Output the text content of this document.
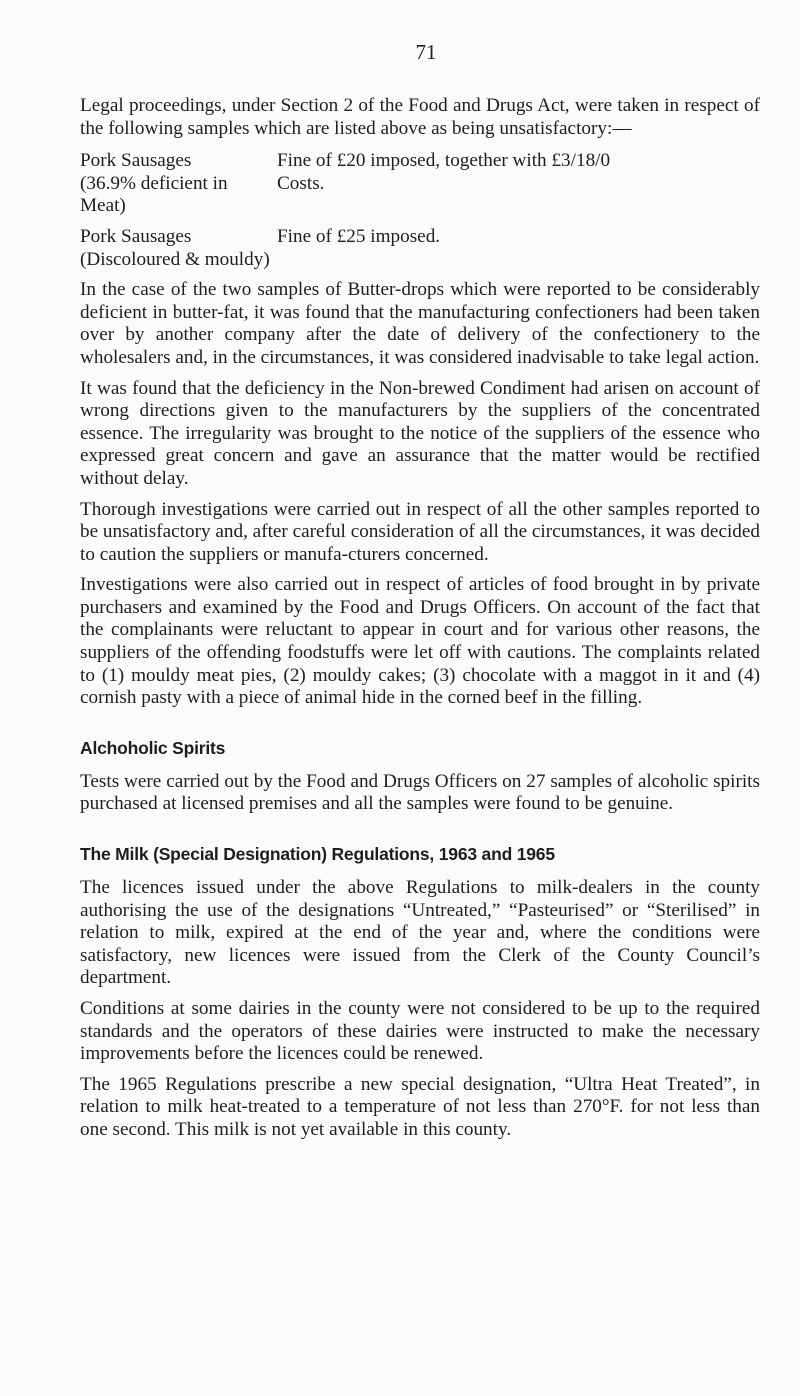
71

Legal proceedings, under Section 2 of the Food and Drugs Act, were taken in respect of the following samples which are listed above as being unsatisfactory:—

Pork Sausages
(36.9% deficient in Meat)
Fine of £20 imposed, together with £3/18/0
Costs.
Pork Sausages
(Discoloured & mouldy)
Fine of £25 imposed.

In the case of the two samples of Butter-drops which were reported to be considerably deficient in butter-fat, it was found that the manufacturing confectioners had been taken over by another company after the date of delivery of the confectionery to the wholesalers and, in the circumstances, it was considered inadvisable to take legal action.

It was found that the deficiency in the Non-brewed Condiment had arisen on account of wrong directions given to the manufacturers by the suppliers of the concentrated essence. The irregularity was brought to the notice of the suppliers of the essence who expressed great concern and gave an assurance that the matter would be rectified without delay.

Thorough investigations were carried out in respect of all the other samples reported to be unsatisfactory and, after careful consideration of all the circumstances, it was decided to caution the suppliers or manufa-cturers concerned.

Investigations were also carried out in respect of articles of food brought in by private purchasers and examined by the Food and Drugs Officers. On account of the fact that the complainants were reluctant to appear in court and for various other reasons, the suppliers of the offending foodstuffs were let off with cautions. The complaints related to (1) mouldy meat pies, (2) mouldy cakes; (3) chocolate with a maggot in it and (4) cornish pasty with a piece of animal hide in the corned beef in the filling.

Alchoholic Spirits

Tests were carried out by the Food and Drugs Officers on 27 samples of alcoholic spirits purchased at licensed premises and all the samples were found to be genuine.

The Milk (Special Designation) Regulations, 1963 and 1965

The licences issued under the above Regulations to milk-dealers in the county authorising the use of the designations “Untreated,” “Pasteurised” or “Sterilised” in relation to milk, expired at the end of the year and, where the conditions were satisfactory, new licences were issued from the Clerk of the County Council’s department.

Conditions at some dairies in the county were not considered to be up to the required standards and the operators of these dairies were instructed to make the necessary improvements before the licences could be renewed.

The 1965 Regulations prescribe a new special designation, “Ultra Heat Treated”, in relation to milk heat-treated to a temperature of not less than 270°F. for not less than one second. This milk is not yet available in this county.
